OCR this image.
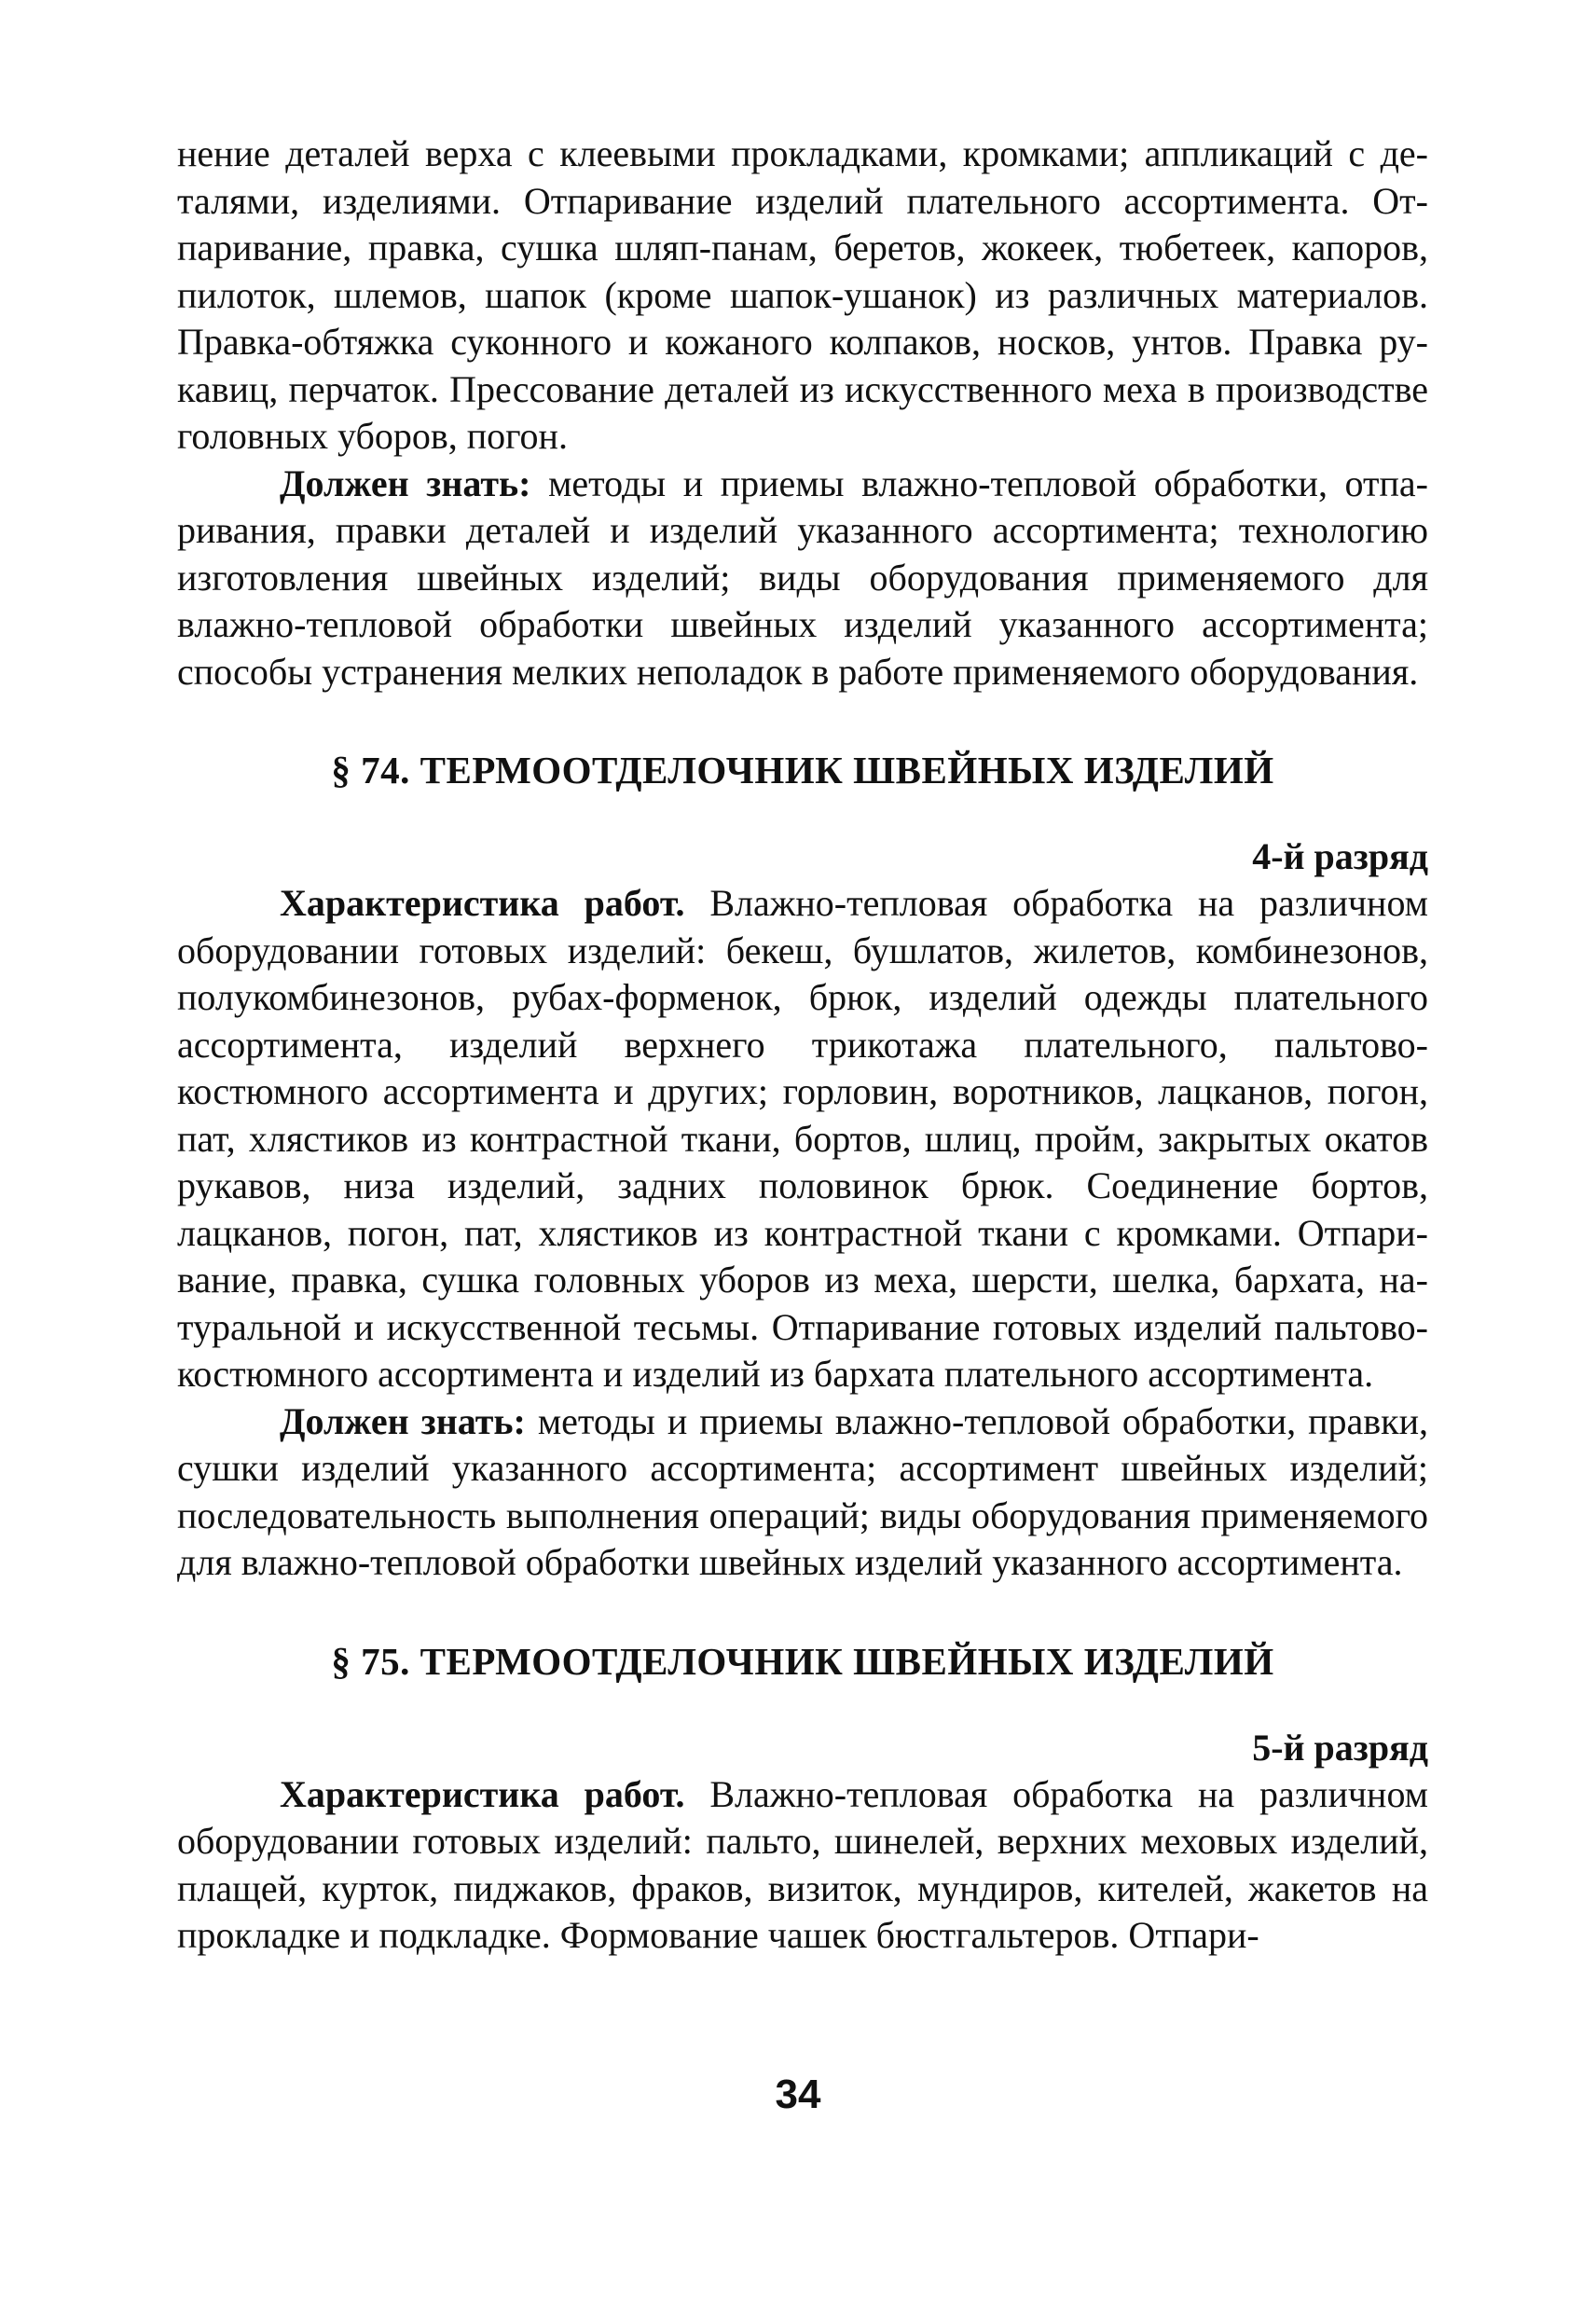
нение деталей верха с клеевыми прокладками, кромками; аппликаций с деталями, изделиями. Отпаривание изделий плательного ассортимента. Отпаривание, правка, сушка шляп-панам, беретов, жокеек, тюбетеек, капоров, пилоток, шлемов, шапок (кроме шапок-ушанок) из различных материалов. Правка-обтяжка суконного и кожаного колпаков, носков, унтов. Правка рукавиц, перчаток. Прессование деталей из искусственного меха в производстве головных уборов, погон.

Должен знать: методы и приемы влажно-тепловой обработки, отпаривания, правки деталей и изделий указанного ассортимента; технологию изготовления швейных изделий; виды оборудования применяемого для влажно-тепловой обработки швейных изделий указанного ассортимента; способы устранения мелких неполадок в работе применяемого оборудования.

§ 74. ТЕРМООТДЕЛОЧНИК ШВЕЙНЫХ ИЗДЕЛИЙ
4-й разряд

Характеристика работ. Влажно-тепловая обработка на различном оборудовании готовых изделий: бекеш, бушлатов, жилетов, комбинезонов, полукомбинезонов, рубах-форменок, брюк, изделий одежды плательного ассортимента, изделий верхнего трикотажа плательного, пальтово-костюмного ассортимента и других; горловин, воротников, лацканов, погон, пат, хлястиков из контрастной ткани, бортов, шлиц, пройм, закрытых окатов рукавов, низа изделий, задних половинок брюк. Соединение бортов, лацканов, погон, пат, хлястиков из контрастной ткани с кромками. Отпаривание, правка, сушка головных уборов из меха, шерсти, шелка, бархата, натуральной и искусственной тесьмы. Отпаривание готовых изделий пальтово-костюмного ассортимента и изделий из бархата плательного ассортимента.

Должен знать: методы и приемы влажно-тепловой обработки, правки, сушки изделий указанного ассортимента; ассортимент швейных изделий; последовательность выполнения операций; виды оборудования применяемого для влажно-тепловой обработки швейных изделий указанного ассортимента.

§ 75. ТЕРМООТДЕЛОЧНИК ШВЕЙНЫХ ИЗДЕЛИЙ
5-й разряд

Характеристика работ. Влажно-тепловая обработка на различном оборудовании готовых изделий: пальто, шинелей, верхних меховых изделий, плащей, курток, пиджаков, фраков, визиток, мундиров, кителей, жакетов на прокладке и подкладке. Формование чашек бюстгальтеров. Отпари-

34
